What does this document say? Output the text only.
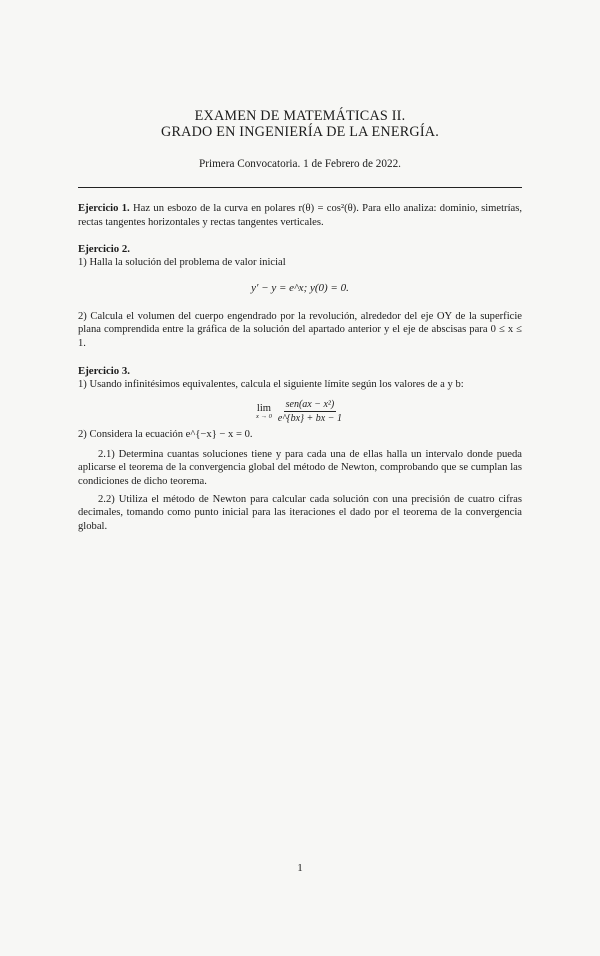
EXAMEN DE MATEMÁTICAS II.
GRADO EN INGENIERÍA DE LA ENERGÍA.
Primera Convocatoria. 1 de Febrero de 2022.
Ejercicio 1. Haz un esbozo de la curva en polares r(θ) = cos²(θ). Para ello analiza: dominio, simetrías, rectas tangentes horizontales y rectas tangentes verticales.
Ejercicio 2.
1) Halla la solución del problema de valor inicial
y′ − y = e^x; y(0) = 0.
2) Calcula el volumen del cuerpo engendrado por la revolución, alrededor del eje OY de la superficie plana comprendida entre la gráfica de la solución del apartado anterior y el eje de abscisas para 0 ≤ x ≤ 1.
Ejercicio 3.
1) Usando infinitésimos equivalentes, calcula el siguiente límite según los valores de a y b:
lim
$x \to 0 \frac{\text{sen(ax − x²)}}{e\^{}\{bx\} + bx - 1}$
2) Considera la ecuación e^{−x} − x = 0.
2.1) Determina cuantas soluciones tiene y para cada una de ellas halla un intervalo donde pueda aplicarse el teorema de la convergencia global del método de Newton, comprobando que se cumplan las condiciones de dicho teorema.
2.2) Utiliza el método de Newton para calcular cada solución con una precisión de cuatro cifras decimales, tomando como punto inicial para las iteraciones el dado por el teorema de la convergencia global.
1
